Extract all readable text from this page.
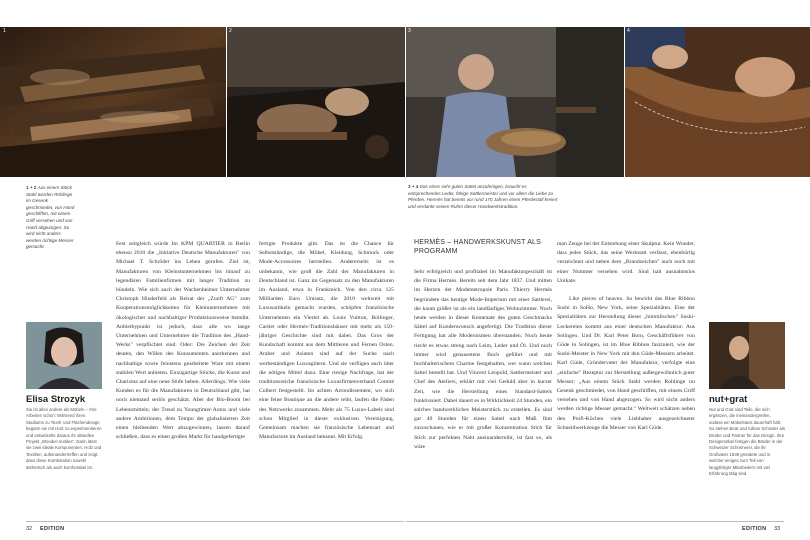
1	2	3	4
1 + 2 Aus einem Stück Stahl werden Rohlinge im Gesenk geschmiedet, von Hand geschliffen, mit einem Griff versehen und von Hand abgezogen. So wird nicht anders werden richtige Messer gemacht.
3 + 4 Das eines sehr guten Sattel anzufertigen, braucht es entsprechendes Leder, fähige Sattlermeister und vor allem die Liebe zu Pferden. Hermès hat bereits vor rund 170 Jahren einen Pferdestall kreiert und verdankt seinen Ruhm dieser Handwerkstradition.
Elisa Strozyk
Sie ist allen andere als Möbeln – Ihre Arbeiten schon: Während ihres Studiums zu Textil- und Flächendesign begann sie mit Holz zu experimentieren und entwickelte daraus ihr aktuelles Projekt „Wooden textiles". Darin lässt sie zwei ideale Komponenten, Holz und Textilien, aufeinandertreffen und zeigt, dass diese Kombination sowohl ästhetisch als auch komfortabel ist.

Fest zeitgleich würde Im KPM QUARTIER in Berlin ebenso 2010 die „Initiative Deutsche Manufakturen" von Michael T. Schröder ins Leben gerufen. Ziel ist, Manufakturen von Kleinstunternehmen bis hinauf zu legendären Familienfirmen mit langer Tradition zu bündeln. Wie sich auch der Wachenheimer Unternehmer Christoph Hinderfeld als Beirat der „Zunft AG" zum Kooperationsmöglichkeiten für Kleinunternehmen mit ökologischer und nachhaltiger Produktionsweise bemüht. Anbietbypunkt ist jedoch, dass alle wo lange Unternehmen und Unternehmer die Tradition des „Hand-Werks" verpflichtet sind. Oder: Die Zeichen der Zeit deuten, den Willen des Konsumenten anerkennen und nachhaltige sowie feinstens gearbeitete Ware mit einem stabilen Wert anbieten. Einzigartige Stücke, die Kunst und Charisma auf eine neue Stufe heben. Allerdings: Wie viele Kunden es für die Manufakturen in Deutschland gibt, hat noch niemand seriös geschätzt. Aber der Bio-Boom bei Lebensmitteln, der Trend zu Youngtimer-Autos und viele andere Ambitionen, dem Tempo der globalisierten Zeit einen bleibenden Wert abzugewinnen, lassen darauf schließen, dass es einen großen Markt für handgefertigte

fertigte Produkte gibt. Das ist die Chance für Selbstständige, die Möbel, Kleidung, Schmuck oder Mode-Accessoires herstellen. Andererseits ist es unbekannt, wie groß die Zahl der Manufakturen in Deutschland ist. Ganz im Gegensatz zu den Manufakturen im Ausland, etwa in Frankreich. Von den circa 125 Milliarden Euro Umsatz, die 2010 weltweit mit Luxusartikeln gemacht wurden, schöpfen französische Unternehmen ein Viertel ab. Louis Vuitton, Bollinger, Cartier oder Hermès-Traditionsbäuser mit mehr als 150-jähriger Geschichte sind mit dabei. Das Gros der Kundschaft kommt aus dem Mittleren und Fernen Osten. Araber und Asiaten sind auf der Suche nach werbeständigen Luxusgütern. Und sie verfügen auch über die nötigen Mittel dazu. Eine riesige Nachfrage, hat der traditionsreiche französische Luxusfirmenverband Comité Colbert festgestellt. Im achten Arrondissement, wo sich eine feine Boutique an die andere reiht, laufen die Fäden des Netzwerks zusammen. Mehr als 75 Luxus-Labels sind schon Mitglied in dieser exklusiven Vereinigung. Gemeinsam machen sie französische Lebensart und Manufacture im Ausland bekannt. Mit Erfolg.

HERMÈS – HANDWERKSKUNST ALS PROGRAMM

Sehr erfolgreich und profitabel im Manufakturgeschäft ist die Firma Hermès. Bereits seit dem Jahr 1837. Und mitten im Herzen der Modemetropole Paris. Thierry Hermès begründete das heutige Mode-Imperium mit einer Sattlerei, die kaum größer ist als ein landläufiges Wohnzimmer. Noch heute werden in dieser Kemenate des guten Geschmacks Sättel auf Kundenwunsch angefertigt. Die Tradition dieser Fertigung hat alle Modernismen überstanden. Noch heute riecht es etwas streng nach Leim, Leder und Öl. Und noch immer wird genauestens Buch geführt und mit buchhalterischem Charme festgehalten, wer wann welchen Sattel bestellt hat. Und Vincent Léopold, Sattlermeister und Chef des Ateliers, erklärt mit viel Geduld aber in kurzer Zeit, wie die Herstellung eines Standard-Sattels funktioniert. Dabei dauert es in Wirklichkeit 24 Stunden, ein solches handwerkliches Meisterstück zu erstellen. Es sind gar 40 Stunden für einen Sattel nach Maß. Ihm zuzuschauen, wie er mit großer Konzentration Stich für Stich zur perfekten Naht aneinanderreiht, ist fast so, als wäre

man Zeuge bei der Entstehung einer Skulptur. Kein Wunder, dass jedes Stück, das seine Werkstatt verlässt, ebenbürtig verzeichnet und neben dem „Brandzeichen" auch noch mit einer Nummer versehen wird. Sind halt ausnahmslos Unikate.

Like pieces of heaven. So bewirbt das Blue Ribbon Sushi in SoHo, New York, seine Spezialitäten. Eine der Spezialitäten zur Herstellung dieser „himmlischen" Sushi-Leckereien kommt aus einer deutschen Manufaktur: Aus Solingen. Und Dr. Karl Peter Born, Geschäftsführer von Güde in Solingen, ist im Blue Ribbon fasziniert, wie der Sushi-Meister in New York mit den Güde-Messern arbeitet. Karl Güde, Gründervater der Manufaktur, verfolgte eine „einfache" Rezeptur zur Herstellung außergewöhnlich guter Messer: „Aus einem Stück Stahl werden Rohlinge im Gesenk geschmiedet, von Hand geschliffen, mit einem Griff versehen und von Hand abgezogen. So wird nicht anders werden richtige Messer gemacht." Weltweit schätzen neben den Profi-Köchen viele Liebhaber ausgezeichneter Schneidwerkzeuge die Messer von Karl Güde.

nut+grat
Nut und Grat sind Teile, die sich ergänzen, die ineinandergreifen, sodass ein Möbelstück dauerhaft hält. So stehen Beat und Adrian Schnider als Brüder und Partner für das Design. Ihre Designmöbel fertigen die Brüder in der Schweizer Schreinerei, die ihr Großvater 1939 gründete und in welcher einiges zum Teil von langjähriger Mitarbeitern mit viel Erfahrung tätig sind.
32 EDITION	EDITION 33
